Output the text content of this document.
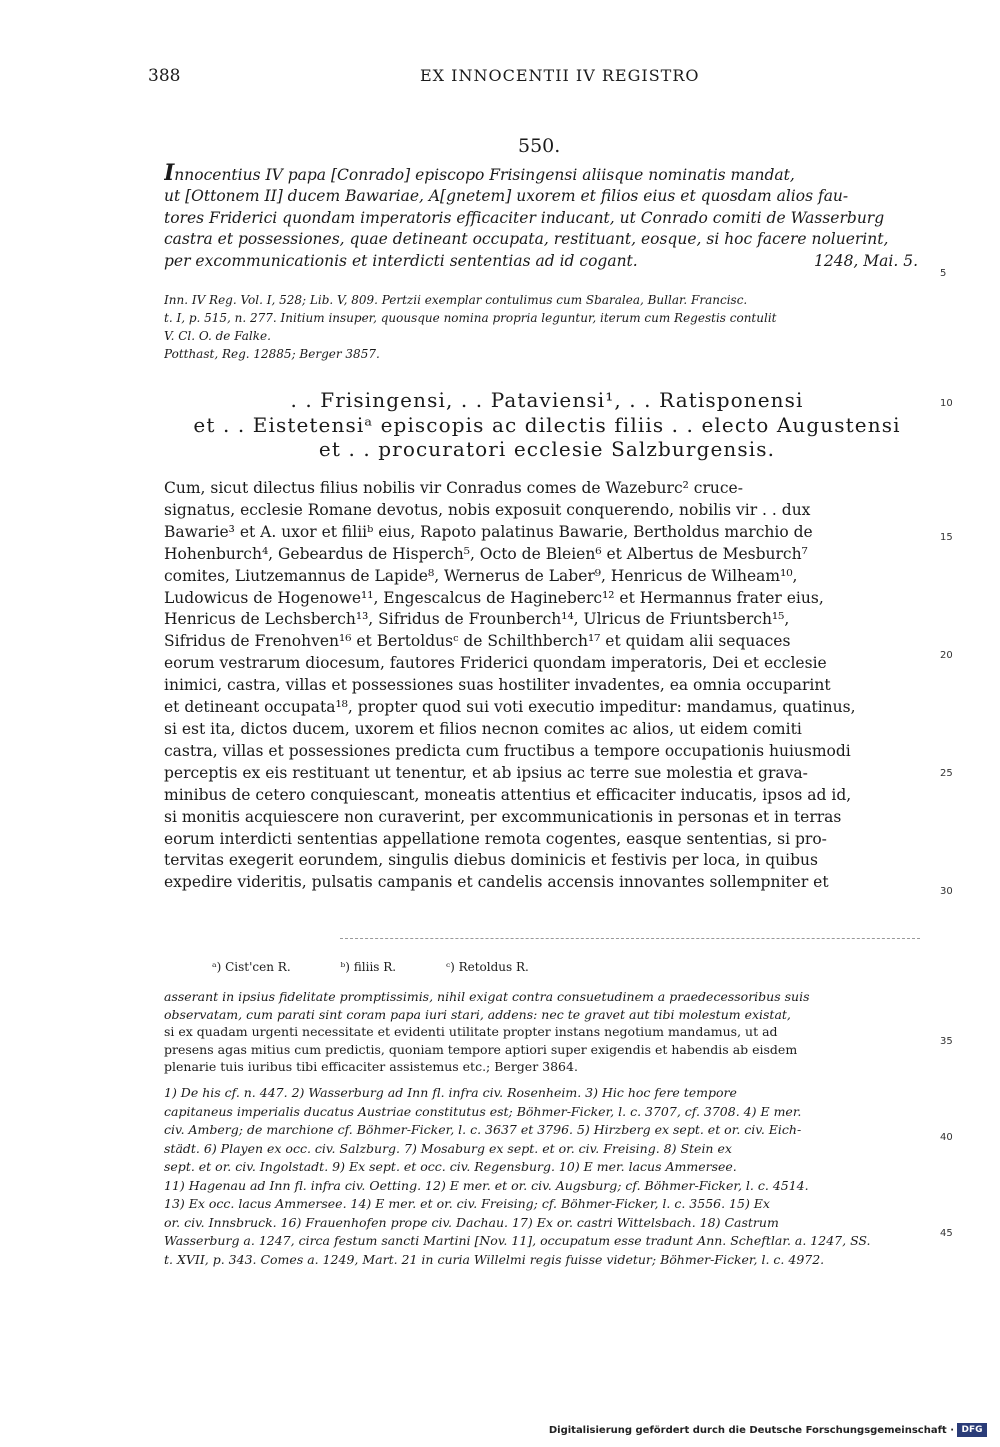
388	EX INNOCENTII IV REGISTRO
550.
Innocentius IV papa [Conrado] episcopo Frisingensi aliisque nominatis mandat,
ut [Ottonem II] ducem Bawariae, A[gnetem] uxorem et filios eius et quosdam alios fau-
tores Friderici quondam imperatoris efficaciter inducant, ut Conrado comiti de Wasserburg
castra et possessiones, quae detineant occupata, restituant, eosque, si hoc facere noluerint,
per excommunicationis et interdicti sententias ad id cogant.	1248, Mai. 5.
Inn. IV Reg. Vol. I, 528; Lib. V, 809. Pertzii exemplar contulimus cum Sbaralea, Bullar. Francisc.
t. I, p. 515, n. 277. Initium insuper, quousque nomina propria leguntur, iterum cum Regestis contulit
V. Cl. O. de Falke.
Potthast, Reg. 12885; Berger 3857.
. . Frisingensi, . . Pataviensi¹, . . Ratisponensi
et . . Eistetensiᵃ episcopis ac dilectis filiis . . electo Augustensi
et . . procuratori ecclesie Salzburgensis.
Cum, sicut dilectus filius nobilis vir Conradus comes de Wazeburc² cruce-
signatus, ecclesie Romane devotus, nobis exposuit conquerendo, nobilis vir . . dux
Bawarie³ et A. uxor et filiiᵇ eius, Rapoto palatinus Bawarie, Bertholdus marchio de
Hohenburch⁴, Gebeardus de Hisperch⁵, Octo de Bleien⁶ et Albertus de Mesburch⁷
comites, Liutzemannus de Lapide⁸, Wernerus de Laber⁹, Henricus de Wilheam¹⁰,
Ludowicus de Hogenowe¹¹, Engescalcus de Hagineberc¹² et Hermannus frater eius,
Henricus de Lechsberch¹³, Sifridus de Frounberch¹⁴, Ulricus de Friuntsberch¹⁵,
Sifridus de Frenohven¹⁶ et Bertoldusᶜ de Schilthberch¹⁷ et quidam alii sequaces
eorum vestrarum diocesum, fautores Friderici quondam imperatoris, Dei et ecclesie
inimici, castra, villas et possessiones suas hostiliter invadentes, ea omnia occuparint
et detineant occupata¹⁸, propter quod sui voti executio impeditur: mandamus, quatinus,
si est ita, dictos ducem, uxorem et filios necnon comites ac alios, ut eidem comiti
castra, villas et possessiones predicta cum fructibus a tempore occupationis huiusmodi
perceptis ex eis restituant ut tenentur, et ab ipsius ac terre sue molestia et grava-
minibus de cetero conquiescant, moneatis attentius et efficaciter inducatis, ipsos ad id,
si monitis acquiescere non curaverint, per excommunicationis in personas et in terras
eorum interdicti sententias appellatione remota cogentes, easque sententias, si pro-
tervitas exegerit eorundem, singulis diebus dominicis et festivis per loca, in quibus
expedire videritis, pulsatis campanis et candelis accensis innovantes sollempniter et
5
10
15
20
25
30
35
40
45
ᵃ) Cist'cen R.	ᵇ) filiis R.	ᶜ) Retoldus R.
asserant in ipsius fidelitate promptissimis, nihil exigat contra consuetudinem a praedecessoribus suis
observatam, cum parati sint coram papa iuri stari, addens: nec te gravet aut tibi molestum existat,
si ex quadam urgenti necessitate et evidenti utilitate propter instans negotium mandamus, ut ad
presens agas mitius cum predictis, quoniam tempore aptiori super exigendis et habendis ab eisdem
plenarie tuis iuribus tibi efficaciter assistemus etc.; Berger 3864.
1) De his cf. n. 447. 2) Wasserburg ad Inn fl. infra civ. Rosenheim. 3) Hic hoc fere tempore
capitaneus imperialis ducatus Austriae constitutus est; Böhmer-Ficker, l. c. 3707, cf. 3708. 4) E mer.
civ. Amberg; de marchione cf. Böhmer-Ficker, l. c. 3637 et 3796. 5) Hirzberg ex sept. et or. civ. Eich-
städt. 6) Playen ex occ. civ. Salzburg. 7) Mosaburg ex sept. et or. civ. Freising. 8) Stein ex
sept. et or. civ. Ingolstadt. 9) Ex sept. et occ. civ. Regensburg. 10) E mer. lacus Ammersee.
11) Hagenau ad Inn fl. infra civ. Oetting. 12) E mer. et or. civ. Augsburg; cf. Böhmer-Ficker, l. c. 4514.
13) Ex occ. lacus Ammersee. 14) E mer. et or. civ. Freising; cf. Böhmer-Ficker, l. c. 3556. 15) Ex
or. civ. Innsbruck. 16) Frauenhofen prope civ. Dachau. 17) Ex or. castri Wittelsbach. 18) Castrum
Wasserburg a. 1247, circa festum sancti Martini [Nov. 11], occupatum esse tradunt Ann. Scheftlar. a. 1247, SS.
t. XVII, p. 343. Comes a. 1249, Mart. 21 in curia Willelmi regis fuisse videtur; Böhmer-Ficker, l. c. 4972.
Digitalisierung gefördert durch die Deutsche Forschungsgemeinschaft · DFG
